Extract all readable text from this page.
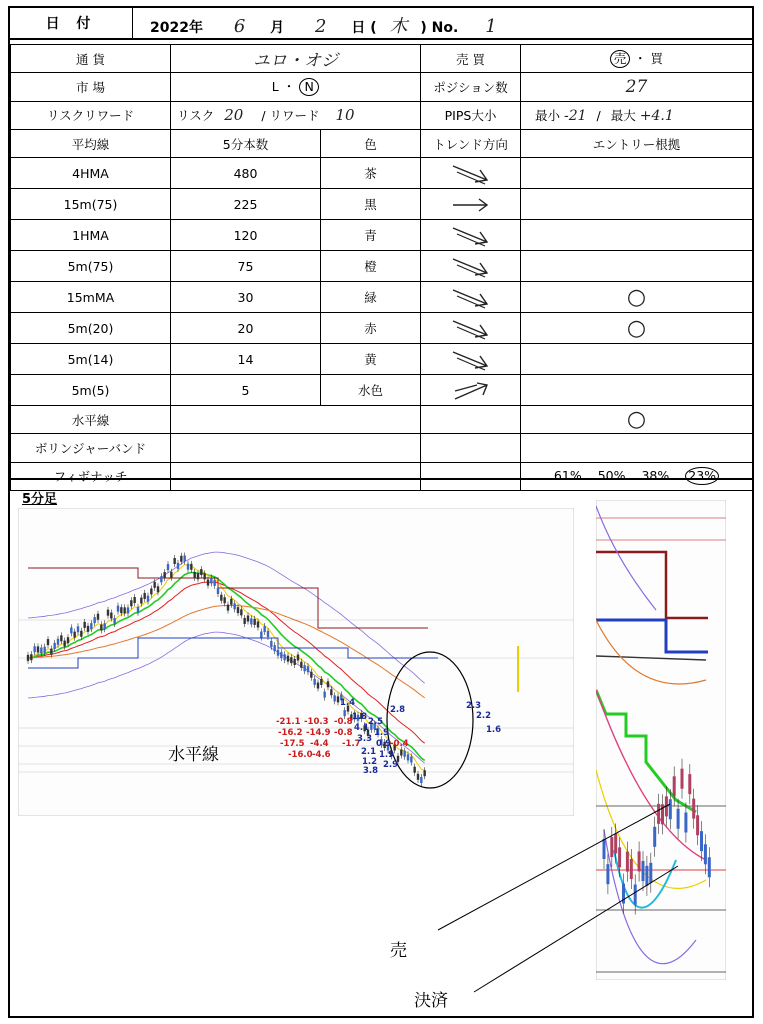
日 付	2022年 6 月 2 日 ( 木 ) No. 1
通 貨	ユロ・オジ		売 買	売 ・ 買
市 場	L ・ N		ポジション数	27
リスクリワード	リスク 20 / リワード 10		PIPS大小	最小 -21 / 最大 +4.1
平均線	5分本数	色	トレンド方向	エントリー根拠
4HMA	480	茶	

15m(75)	225	黒	

1HMA	120	青	

5m(75)	75	橙	

15mMA	30	緑		○
5m(20)	20	赤		○
5m(14)	14	黄	

5m(5)	5	水色	

水平線				○
ボリンジャーバンド				
フィボナッチ				61% 50% 38% 23%
5分足
-21.1 -10.3 -0.8
-16.2 -14.9 -0.8
-17.5 -4.4 -1.7
-16.0 -4.6
-0.4
1.4
1.8
4.1
3.3
2.5
1.9
2.8
0.9
2.1
1.2
3.8
1.9
2.9
2.3
2.2
1.6
水平線
売
決済
